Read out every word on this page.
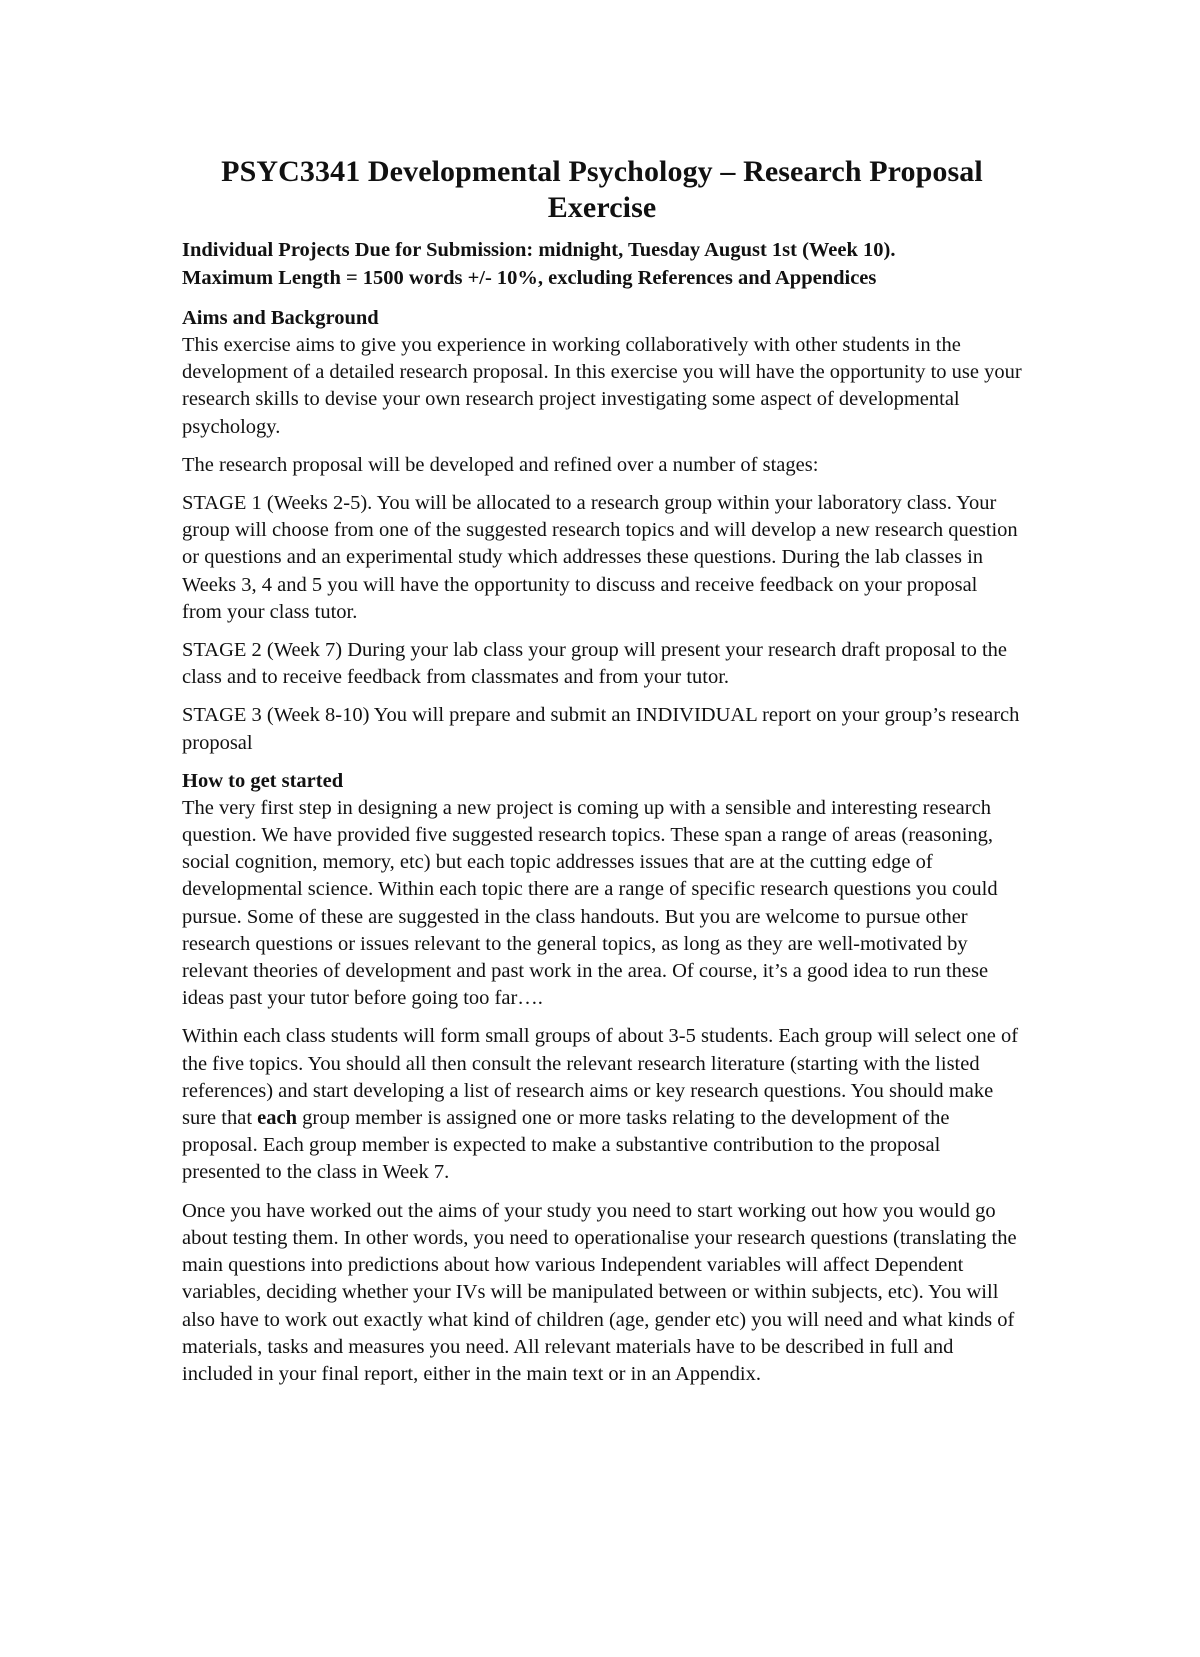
PSYC3341 Developmental Psychology – Research Proposal Exercise
Individual Projects Due for Submission: midnight, Tuesday August 1st (Week 10).
Maximum Length = 1500 words +/- 10%, excluding References and Appendices
Aims and Background

This exercise aims to give you experience in working collaboratively with other students in the development of a detailed research proposal. In this exercise you will have the opportunity to use your research skills to devise your own research project investigating some aspect of developmental psychology.

The research proposal will be developed and refined over a number of stages:

STAGE 1 (Weeks 2-5). You will be allocated to a research group within your laboratory class. Your group will choose from one of the suggested research topics and will develop a new research question or questions and an experimental study which addresses these questions. During the lab classes in Weeks 3, 4 and 5 you will have the opportunity to discuss and receive feedback on your proposal from your class tutor.

STAGE 2 (Week 7) During your lab class your group will present your research draft proposal to the class and to receive feedback from classmates and from your tutor.

STAGE 3 (Week 8-10) You will prepare and submit an INDIVIDUAL report on your group’s research proposal

How to get started

The very first step in designing a new project is coming up with a sensible and interesting research question. We have provided five suggested research topics. These span a range of areas (reasoning, social cognition, memory, etc) but each topic addresses issues that are at the cutting edge of developmental science. Within each topic there are a range of specific research questions you could pursue. Some of these are suggested in the class handouts. But you are welcome to pursue other research questions or issues relevant to the general topics, as long as they are well-motivated by relevant theories of development and past work in the area. Of course, it’s a good idea to run these ideas past your tutor before going too far….

Within each class students will form small groups of about 3-5 students. Each group will select one of the five topics. You should all then consult the relevant research literature (starting with the listed references) and start developing a list of research aims or key research questions. You should make sure that each group member is assigned one or more tasks relating to the development of the proposal. Each group member is expected to make a substantive contribution to the proposal presented to the class in Week 7.

Once you have worked out the aims of your study you need to start working out how you would go about testing them. In other words, you need to operationalise your research questions (translating the main questions into predictions about how various Independent variables will affect Dependent variables, deciding whether your IVs will be manipulated between or within subjects, etc). You will also have to work out exactly what kind of children (age, gender etc) you will need and what kinds of materials, tasks and measures you need. All relevant materials have to be described in full and included in your final report, either in the main text or in an Appendix.
